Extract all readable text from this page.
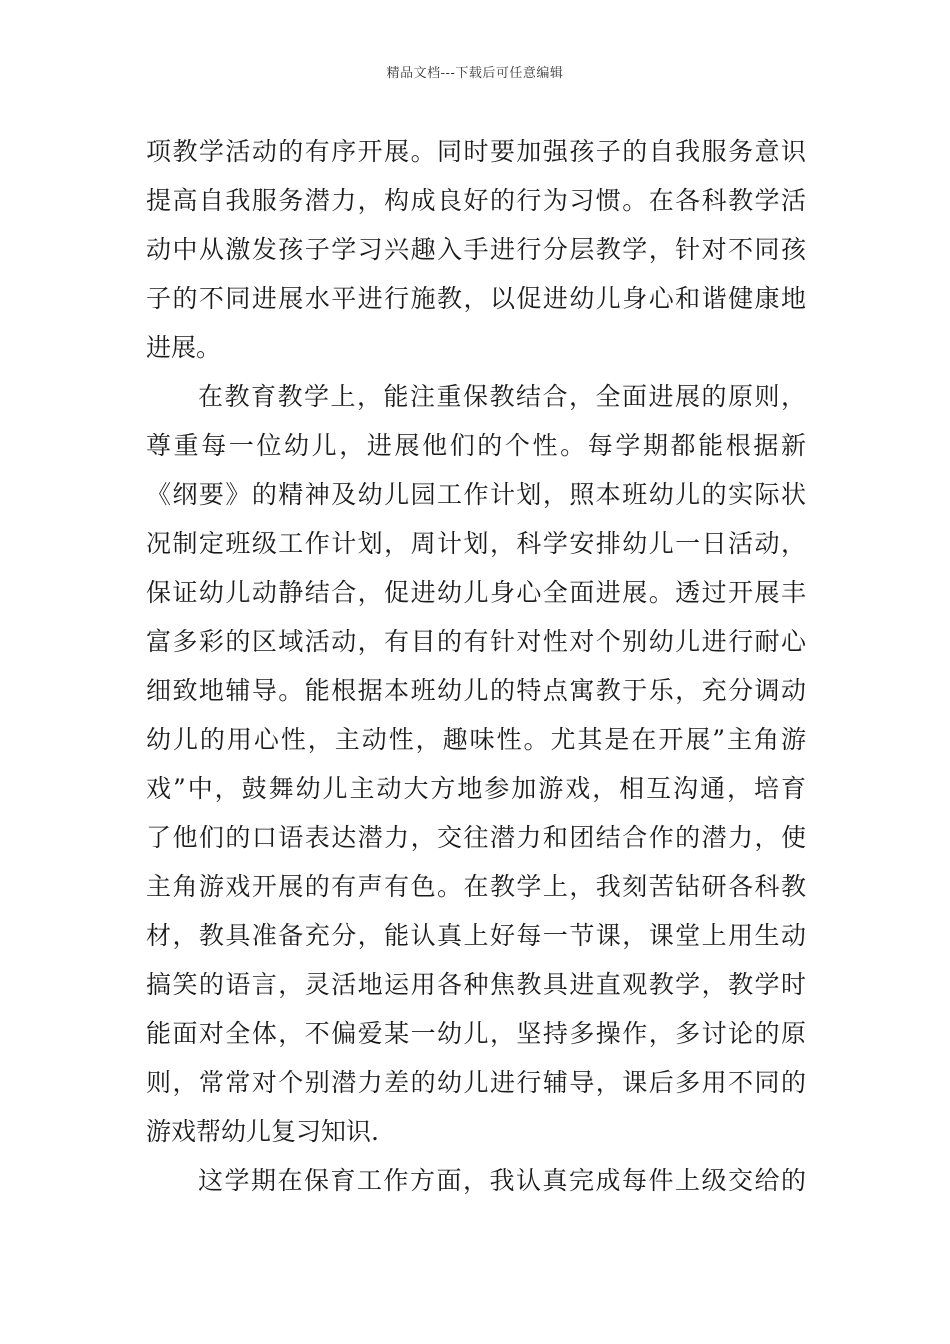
精品文档---下载后可任意编辑
项教学活动的有序开展。同时要加强孩子的自我服务意识
提高自我服务潜力，构成良好的行为习惯。在各科教学活
动中从激发孩子学习兴趣入手进行分层教学，针对不同孩
子的不同进展水平进行施教，以促进幼儿身心和谐健康地
进展。
在教育教学上，能注重保教结合，全面进展的原则，
尊重每一位幼儿，进展他们的个性。每学期都能根据新
《纲要》的精神及幼儿园工作计划，照本班幼儿的实际状
况制定班级工作计划，周计划，科学安排幼儿一日活动，
保证幼儿动静结合，促进幼儿身心全面进展。透过开展丰
富多彩的区域活动，有目的有针对性对个别幼儿进行耐心
细致地辅导。能根据本班幼儿的特点寓教于乐，充分调动
幼儿的用心性，主动性，趣味性。尤其是在开展”主角游
戏”中，鼓舞幼儿主动大方地参加游戏，相互沟通，培育
了他们的口语表达潜力，交往潜力和团结合作的潜力，使
主角游戏开展的有声有色。在教学上，我刻苦钻研各科教
材，教具准备充分，能认真上好每一节课，课堂上用生动
搞笑的语言，灵活地运用各种焦教具进直观教学，教学时
能面对全体，不偏爱某一幼儿，坚持多操作，多讨论的原
则，常常对个别潜力差的幼儿进行辅导，课后多用不同的
游戏帮幼儿复习知识.
这学期在保育工作方面，我认真完成每件上级交给的
